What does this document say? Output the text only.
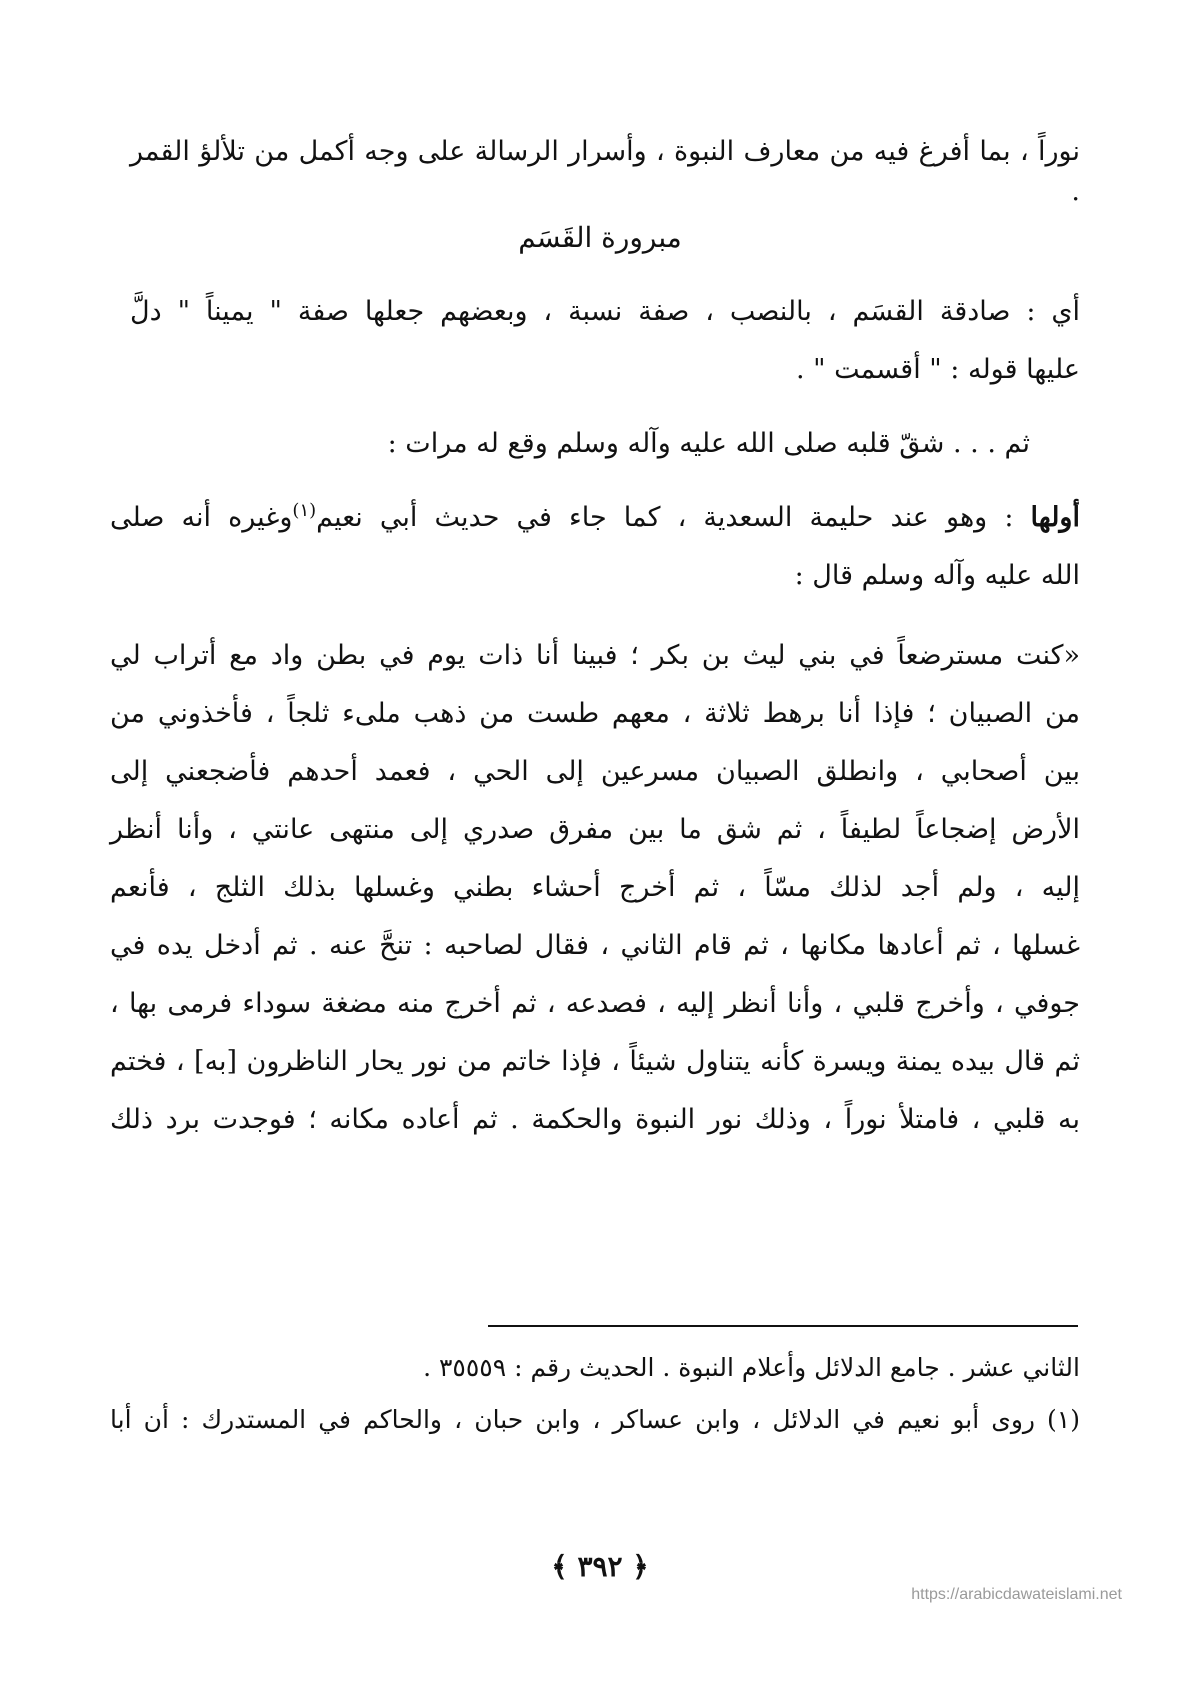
نوراً ، بما أفرغ فيه من معارف النبوة ، وأسرار الرسالة على وجه أكمل من تلألؤ القمر .
مبرورة القَسَم
أي : صادقة القسَم ، بالنصب ، صفة نسبة ، وبعضهم جعلها صفة " يميناً " دلَّ
عليها قوله : " أقسمت " .
ثم . . . شقّ قلبه صلى الله عليه وآله وسلم وقع له مرات :
أولها : وهو عند حليمة السعدية ، كما جاء في حديث أبي نعيم$^{(١)}$وغيره أنه صلى
الله عليه وآله وسلم قال :
«كنت مسترضعاً في بني ليث بن بكر ؛ فبينا أنا ذات يوم في بطن واد مع أتراب لي
من الصبيان ؛ فإذا أنا برهط ثلاثة ، معهم طست من ذهب ملىء ثلجاً ، فأخذوني من
بين أصحابي ، وانطلق الصبيان مسرعين إلى الحي ، فعمد أحدهم فأضجعني إلى
الأرض إضجاعاً لطيفاً ، ثم شق ما بين مفرق صدري إلى منتهى عانتي ، وأنا أنظر
إليه ، ولم أجد لذلك مسّاً ، ثم أخرج أحشاء بطني وغسلها بذلك الثلج ، فأنعم
غسلها ، ثم أعادها مكانها ، ثم قام الثاني ، فقال لصاحبه : تنحَّ عنه . ثم أدخل يده في
جوفي ، وأخرج قلبي ، وأنا أنظر إليه ، فصدعه ، ثم أخرج منه مضغة سوداء فرمى بها ،
ثم قال بيده يمنة ويسرة كأنه يتناول شيئاً ، فإذا خاتم من نور يحار الناظرون [به] ، فختم
به قلبي ، فامتلأ نوراً ، وذلك نور النبوة والحكمة . ثم أعاده مكانه ؛ فوجدت برد ذلك
الثاني عشر . جامع الدلائل وأعلام النبوة . الحديث رقم : ٣٥٥٥٩ .
(١) روى أبو نعيم في الدلائل ، وابن عساكر ، وابن حبان ، والحاكم في المستدرك : أن أبا
﴿ ٣٩٢ ﴾
https://arabicdawateislami.net
